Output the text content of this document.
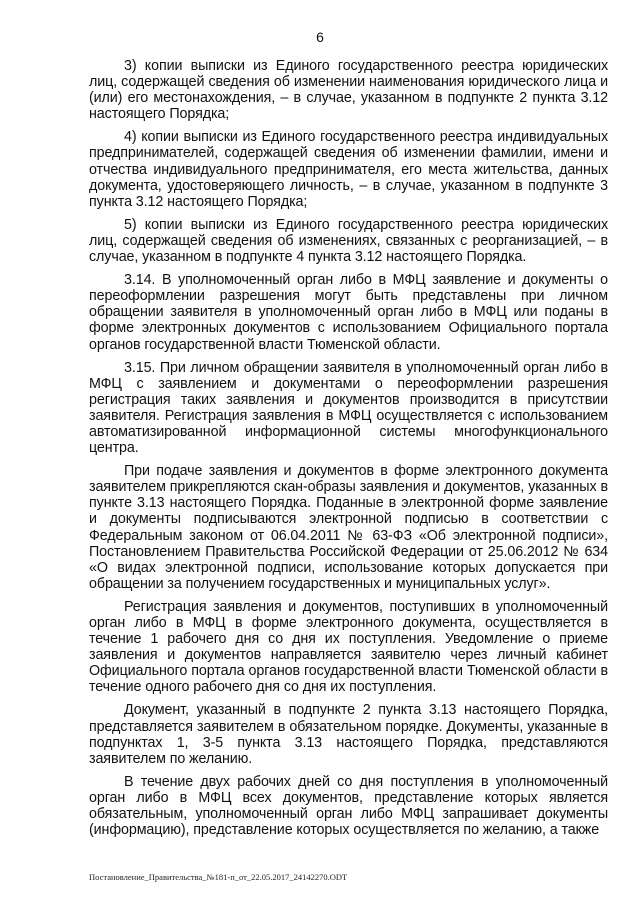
6

3) копии выписки из Единого государственного реестра юридических лиц, содержащей сведения об изменении наименования юридического лица и (или) его местонахождения, – в случае, указанном в подпункте 2 пункта 3.12 настоящего Порядка;

4) копии выписки из Единого государственного реестра индивидуальных предпринимателей, содержащей сведения об изменении фамилии, имени и отчества индивидуального предпринимателя, его места жительства, данных документа, удостоверяющего личность, – в случае, указанном в подпункте 3 пункта 3.12 настоящего Порядка;

5) копии выписки из Единого государственного реестра юридических лиц, содержащей сведения об изменениях, связанных с реорганизацией, – в случае, указанном в подпункте 4 пункта 3.12 настоящего Порядка.

3.14. В уполномоченный орган либо в МФЦ заявление и документы о переоформлении разрешения могут быть представлены при личном обращении заявителя в уполномоченный орган либо в МФЦ или поданы в форме электронных документов с использованием Официального портала органов государственной власти Тюменской области.

3.15. При личном обращении заявителя в уполномоченный орган либо в МФЦ с заявлением и документами о переоформлении разрешения регистрация таких заявления и документов производится в присутствии заявителя. Регистрация заявления в МФЦ осуществляется с использованием автоматизированной информационной системы многофункционального центра.

При подаче заявления и документов в форме электронного документа заявителем прикрепляются скан-образы заявления и документов, указанных в пункте 3.13 настоящего Порядка. Поданные в электронной форме заявление и документы подписываются электронной подписью в соответствии с Федеральным законом от 06.04.2011 № 63-ФЗ «Об электронной подписи», Постановлением Правительства Российской Федерации от 25.06.2012 № 634 «О видах электронной подписи, использование которых допускается при обращении за получением государственных и муниципальных услуг».

Регистрация заявления и документов, поступивших в уполномоченный орган либо в МФЦ в форме электронного документа, осуществляется в течение 1 рабочего дня со дня их поступления. Уведомление о приеме заявления и документов направляется заявителю через личный кабинет Официального портала органов государственной власти Тюменской области в течение одного рабочего дня со дня их поступления.

Документ, указанный в подпункте 2 пункта 3.13 настоящего Порядка, представляется заявителем в обязательном порядке. Документы, указанные в подпунктах 1, 3-5 пункта 3.13 настоящего Порядка, представляются заявителем по желанию.

В течение двух рабочих дней со дня поступления в уполномоченный орган либо в МФЦ всех документов, представление которых является обязательным, уполномоченный орган либо МФЦ запрашивает документы (информацию), представление которых осуществляется по желанию, а также

Постановление_Правительства_№181-п_от_22.05.2017_24142270.ODT
